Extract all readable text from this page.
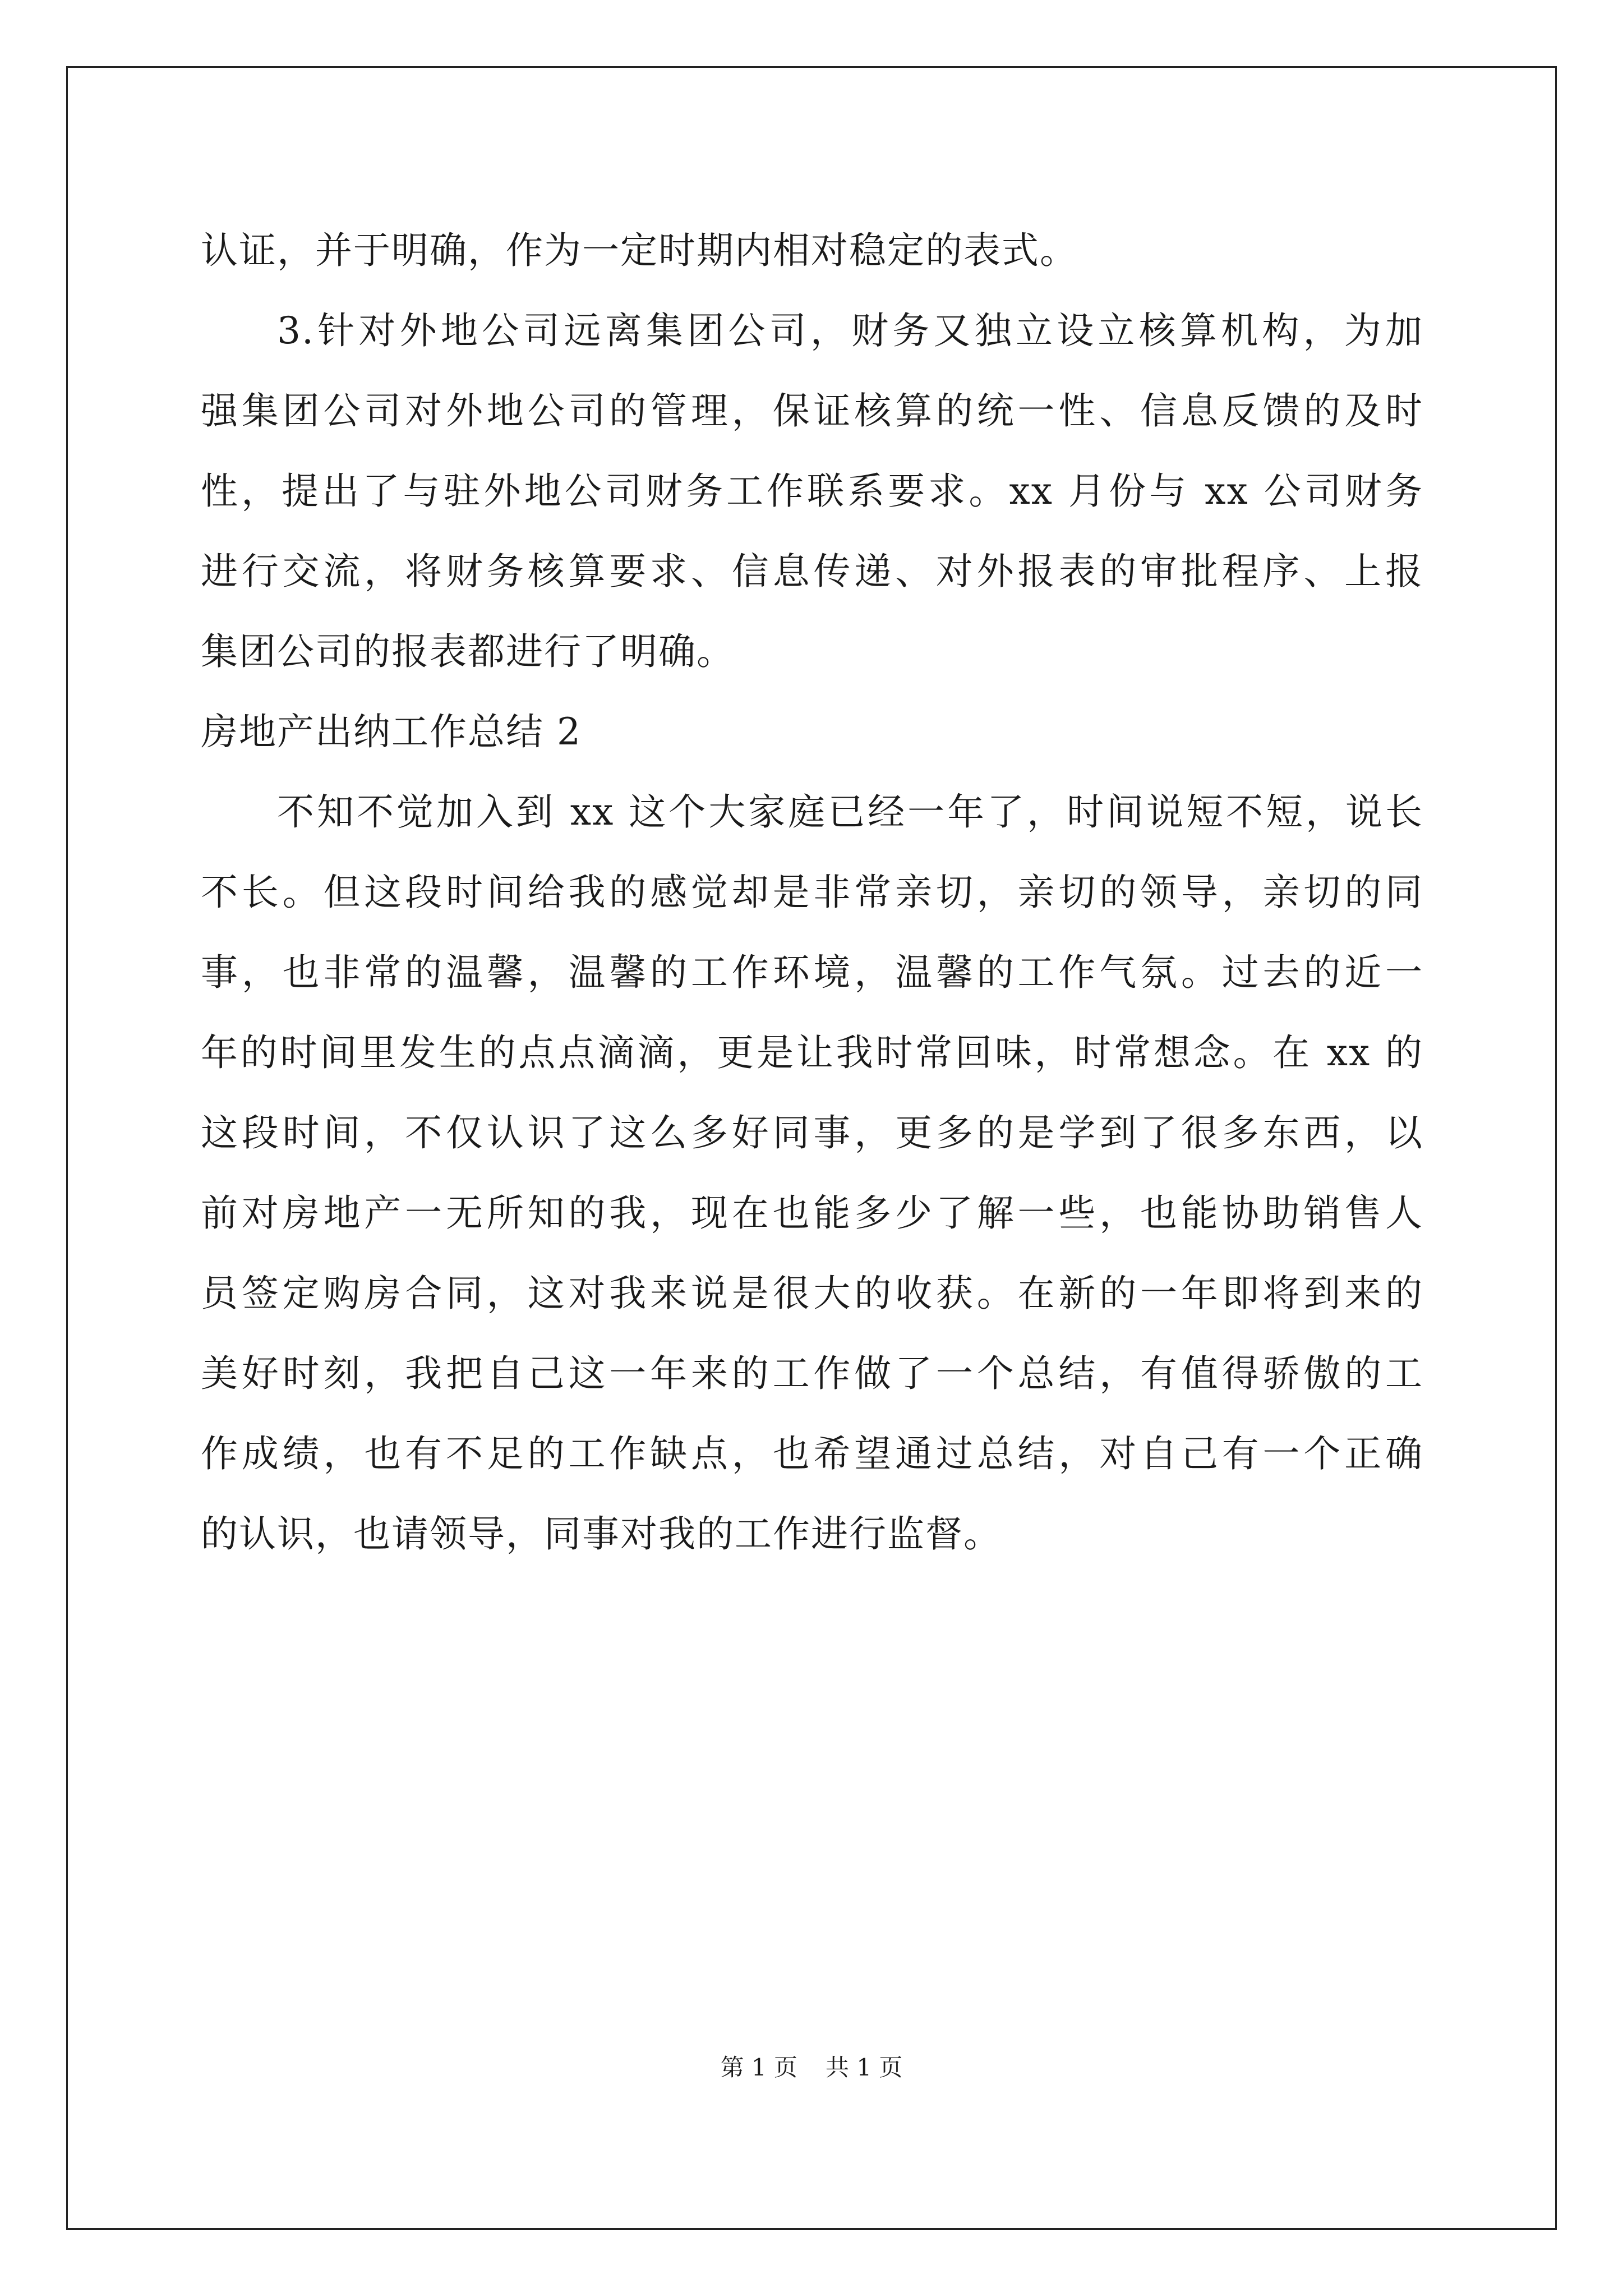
认证，并于明确，作为一定时期内相对稳定的表式。

3.针对外地公司远离集团公司，财务又独立设立核算机构，为加
强集团公司对外地公司的管理，保证核算的统一性、信息反馈的及时
性，提出了与驻外地公司财务工作联系要求。xx 月份与 xx 公司财务
进行交流，将财务核算要求、信息传递、对外报表的审批程序、上报
集团公司的报表都进行了明确。

房地产出纳工作总结 2

不知不觉加入到 xx 这个大家庭已经一年了，时间说短不短，说长
不长。但这段时间给我的感觉却是非常亲切，亲切的领导，亲切的同
事，也非常的温馨，温馨的工作环境，温馨的工作气氛。过去的近一
年的时间里发生的点点滴滴，更是让我时常回味，时常想念。在 xx 的
这段时间，不仅认识了这么多好同事，更多的是学到了很多东西，以
前对房地产一无所知的我，现在也能多少了解一些，也能协助销售人
员签定购房合同，这对我来说是很大的收获。在新的一年即将到来的
美好时刻，我把自己这一年来的工作做了一个总结，有值得骄傲的工
作成绩，也有不足的工作缺点，也希望通过总结，对自己有一个正确
的认识，也请领导，同事对我的工作进行监督。

第 1 页 共 1 页
